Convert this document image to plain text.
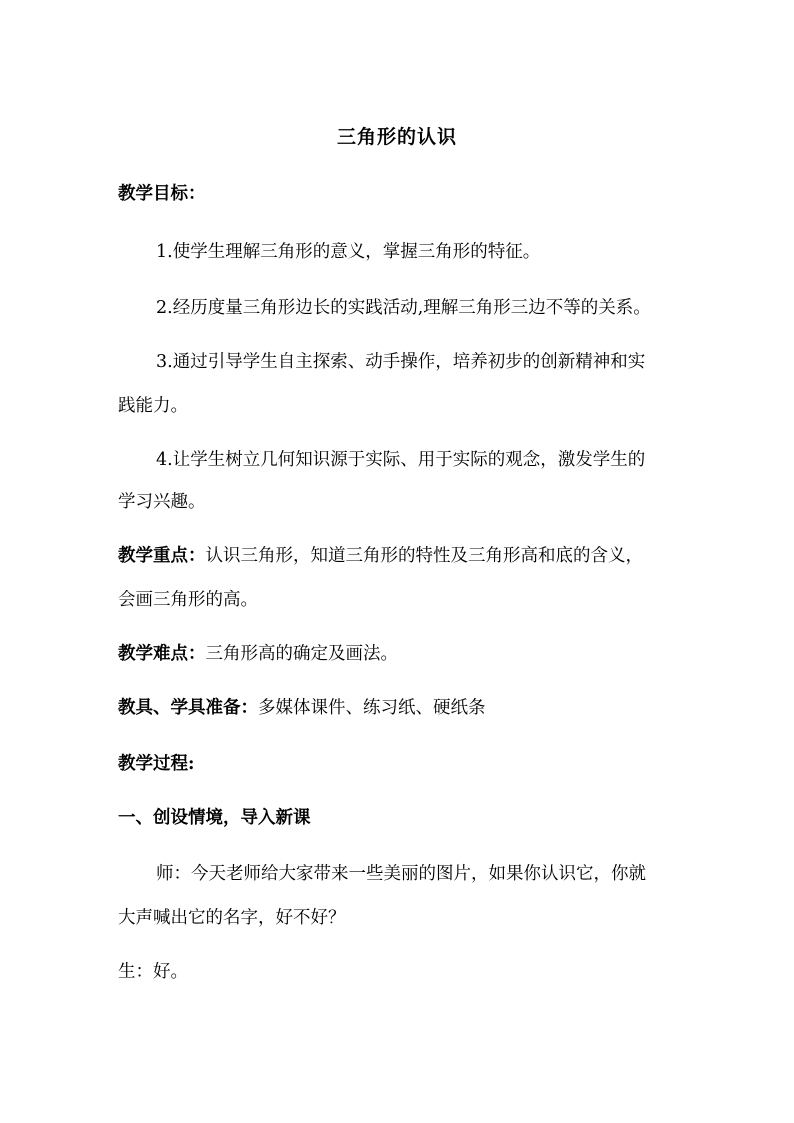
三角形的认识
教学目标：
1.使学生理解三角形的意义，掌握三角形的特征。
2.经历度量三角形边长的实践活动,理解三角形三边不等的关系。
3.通过引导学生自主探索、动手操作，培养初步的创新精神和实
践能力。
4.让学生树立几何知识源于实际、用于实际的观念，激发学生的
学习兴趣。
教学重点：认识三角形，知道三角形的特性及三角形高和底的含义，
会画三角形的高。
教学难点：三角形高的确定及画法。
教具、学具准备：多媒体课件、练习纸、硬纸条
教学过程:
一、创设情境，导入新课
师：今天老师给大家带来一些美丽的图片，如果你认识它，你就
大声喊出它的名字，好不好？
生：好。
